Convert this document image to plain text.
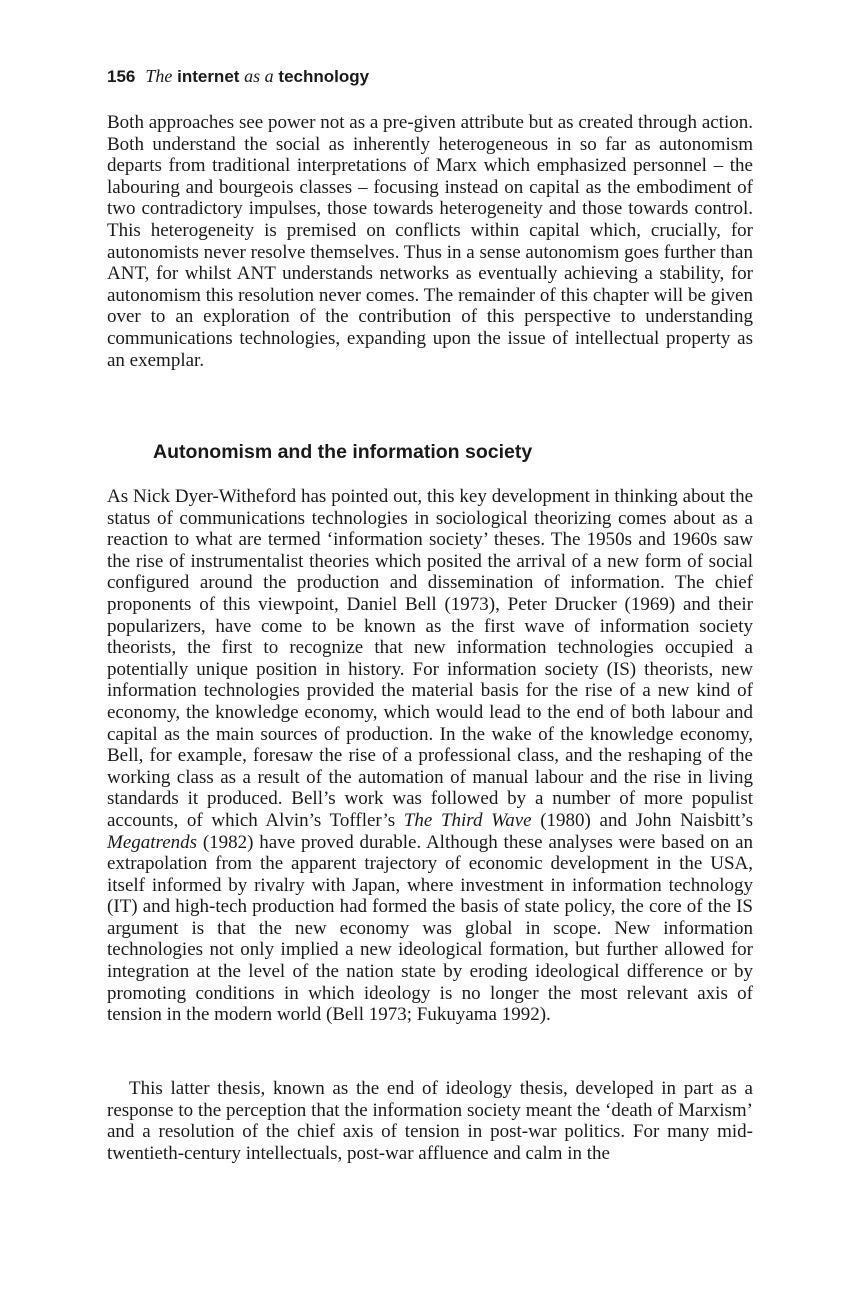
156 The internet as a technology

Both approaches see power not as a pre-given attribute but as created through action. Both understand the social as inherently heterogeneous in so far as autonomism departs from traditional interpretations of Marx which emphasized personnel – the labouring and bourgeois classes – focusing instead on capital as the embodiment of two contradictory impulses, those towards heterogeneity and those towards control. This heterogeneity is premised on conflicts within capital which, crucially, for autonomists never resolve themselves. Thus in a sense autonomism goes further than ANT, for whilst ANT understands networks as eventually achieving a stability, for autonomism this resolution never comes. The remainder of this chapter will be given over to an exploration of the contribution of this perspective to understanding communications technologies, expanding upon the issue of intellectual property as an exemplar.

Autonomism and the information society

As Nick Dyer-Witheford has pointed out, this key development in thinking about the status of communications technologies in sociological theorizing comes about as a reaction to what are termed ‘information society’ theses. The 1950s and 1960s saw the rise of instrumentalist theories which posited the arrival of a new form of social configured around the production and dissemination of information. The chief proponents of this viewpoint, Daniel Bell (1973), Peter Drucker (1969) and their popularizers, have come to be known as the first wave of information society theorists, the first to recognize that new information technologies occupied a potentially unique position in history. For information society (IS) theorists, new information technologies provided the material basis for the rise of a new kind of economy, the knowledge economy, which would lead to the end of both labour and capital as the main sources of production. In the wake of the knowledge economy, Bell, for example, foresaw the rise of a professional class, and the reshaping of the working class as a result of the automation of manual labour and the rise in living standards it produced. Bell’s work was followed by a number of more populist accounts, of which Alvin’s Toffler’s The Third Wave (1980) and John Naisbitt’s Megatrends (1982) have proved durable. Although these analyses were based on an extrapolation from the apparent trajectory of economic development in the USA, itself informed by rivalry with Japan, where investment in information technology (IT) and high-tech production had formed the basis of state policy, the core of the IS argument is that the new economy was global in scope. New information technologies not only implied a new ideological formation, but further allowed for integration at the level of the nation state by eroding ideological difference or by promoting conditions in which ideology is no longer the most relevant axis of tension in the modern world (Bell 1973; Fukuyama 1992).

This latter thesis, known as the end of ideology thesis, developed in part as a response to the perception that the information society meant the ‘death of Marxism’ and a resolution of the chief axis of tension in post-war politics. For many mid-twentieth-century intellectuals, post-war affluence and calm in the
